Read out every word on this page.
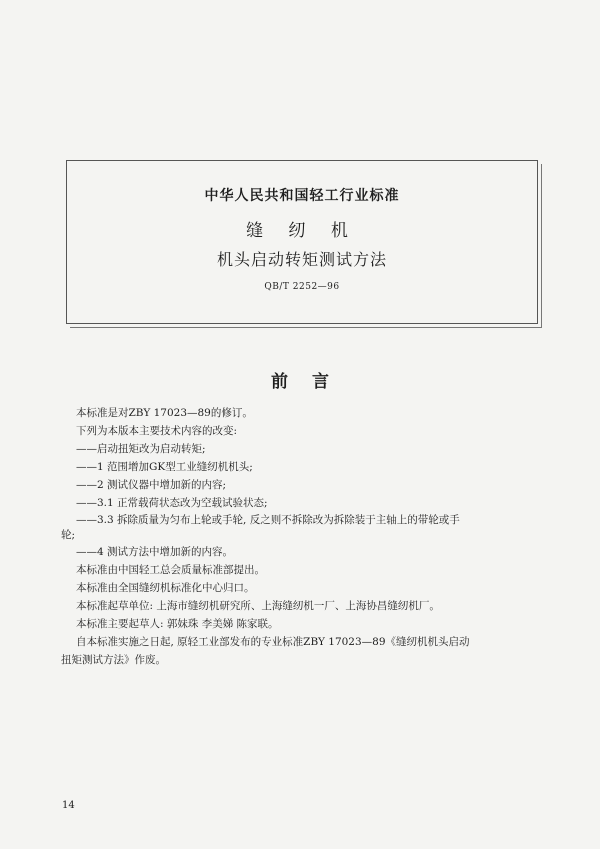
中华人民共和国轻工行业标准
缝 纫 机
机头启动转矩测试方法
QB/T 2252—96
前言
本标准是对ZBY 17023—89的修订。
下列为本版本主要技术内容的改变:
——启动扭矩改为启动转矩;
——1 范围增加GK型工业缝纫机机头;
——2 测试仪器中增加新的内容;
——3.1 正常载荷状态改为空载试验状态;
——3.3 拆除质量为匀布上轮或手轮, 反之则不拆除改为拆除装于主轴上的带轮或手
轮;
——4 测试方法中增加新的内容。
本标准由中国轻工总会质量标准部提出。
本标准由全国缝纫机标准化中心归口。
本标准起草单位: 上海市缝纫机研究所、上海缝纫机一厂、上海协昌缝纫机厂。
本标准主要起草人: 郭妹珠 李美娣 陈家联。
自本标准实施之日起, 原轻工业部发布的专业标准ZBY 17023—89《缝纫机机头启动
扭矩测试方法》作废。
14
